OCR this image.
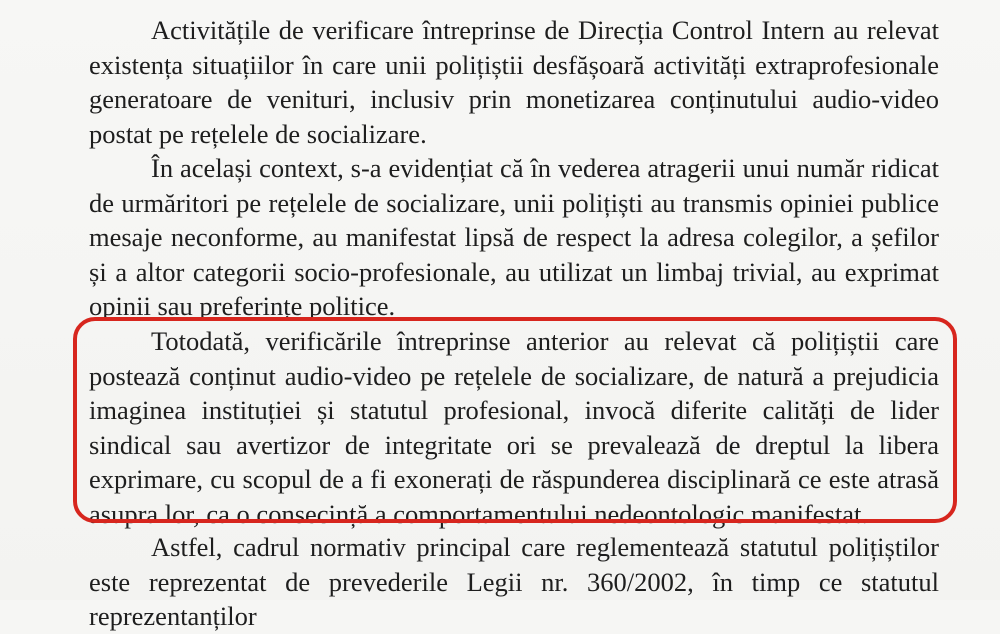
Activitățile de verificare întreprinse de Direcția Control Intern au relevat existența situațiilor în care unii polițiștii desfășoară activități extraprofesionale generatoare de venituri, inclusiv prin monetizarea conținutului audio-video postat pe rețelele de socializare.

În același context, s-a evidențiat că în vederea atragerii unui număr ridicat de urmăritori pe rețelele de socializare, unii polițiști au transmis opiniei publice mesaje neconforme, au manifestat lipsă de respect la adresa colegilor, a șefilor și a altor categorii socio-profesionale, au utilizat un limbaj trivial, au exprimat opinii sau preferințe politice.

Totodată, verificările întreprinse anterior au relevat că polițiștii care postează conținut audio-video pe rețelele de socializare, de natură a prejudicia imaginea instituției și statutul profesional, invocă diferite calități de lider sindical sau avertizor de integritate ori se prevalează de dreptul la libera exprimare, cu scopul de a fi exonerați de răspunderea disciplinară ce este atrasă asupra lor, ca o consecință a comportamentului nedeontologic manifestat.

Astfel, cadrul normativ principal care reglementează statutul polițiștilor este reprezentat de prevederile Legii nr. 360/2002, în timp ce statutul reprezentanților
